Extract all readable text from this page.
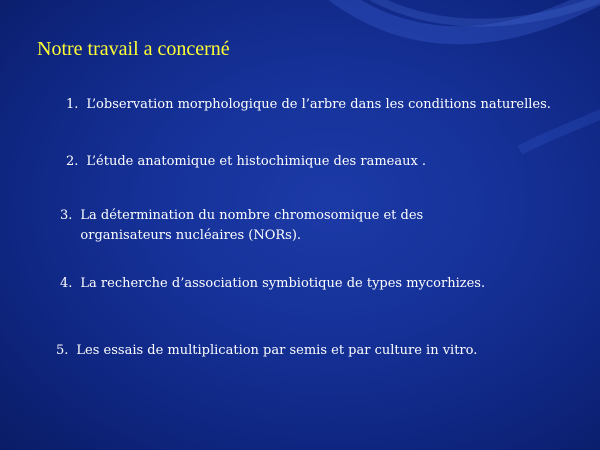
Notre travail a concerné
1. L’observation morphologique de l’arbre dans les conditions naturelles.
2. L’étude anatomique et histochimique des rameaux .
3. La détermination du nombre chromosomique et des
organisateurs nucléaires (NORs).
4. La recherche d’association symbiotique de types mycorhizes.
5. Les essais de multiplication par semis et par culture in vitro.
